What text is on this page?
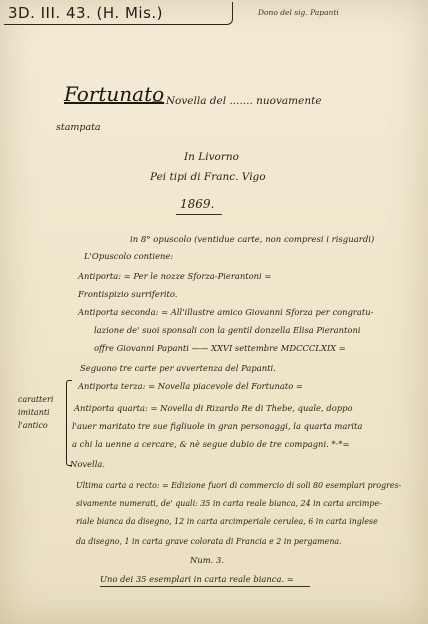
3D. III. 43. (H. Mis.)	Dono del sig. Papanti
Fortunato
— Novella del ....... nuovamente
stampata
In Livorno
Pei tipi di Franc. Vigo
1869.
in 8° opuscolo (ventidue carte, non compresi i risguardi)
L'Opuscolo contiene:
Antiporta: = Per le nozze Sforza-Pierantoni =
Frontispizio surriferito.
Antiporta seconda: = All'illustre amico Giovanni Sforza per congratu-
lazione de' suoi sponsali con la gentil donzella Elisa Pierantoni
offre Giovanni Papanti —— XXVI settembre MDCCCLXIX =
Seguono tre carte per avvertenza del Papanti.
Antiporta terza: = Novella piacevole del Fortunato =
Antiporta quarta: = Novella di Rizardo Re di Thebe, quale, doppo
l'auer maritato tre sue figliuole in gran personaggi, la quarta marita
a chi la uenne a cercare, & nè segue dubio de tre compagni. *·*=
Novella.
Ultima carta a recto: = Edizione fuori di commercio di soli 80 esemplari progres-
sivamente numerati, de' quali: 35 in carta reale bianca, 24 in carta arcimpe-
riale bianca da disegno, 12 in carta arcimperiale cerulea, 6 in carta inglese
da disegno, 1 in carta grave colorata di Francia e 2 in pergamena.
Num. 3.
Uno dei 35 esemplari in carta reale bianca. =
caratteri imitanti l'antico
